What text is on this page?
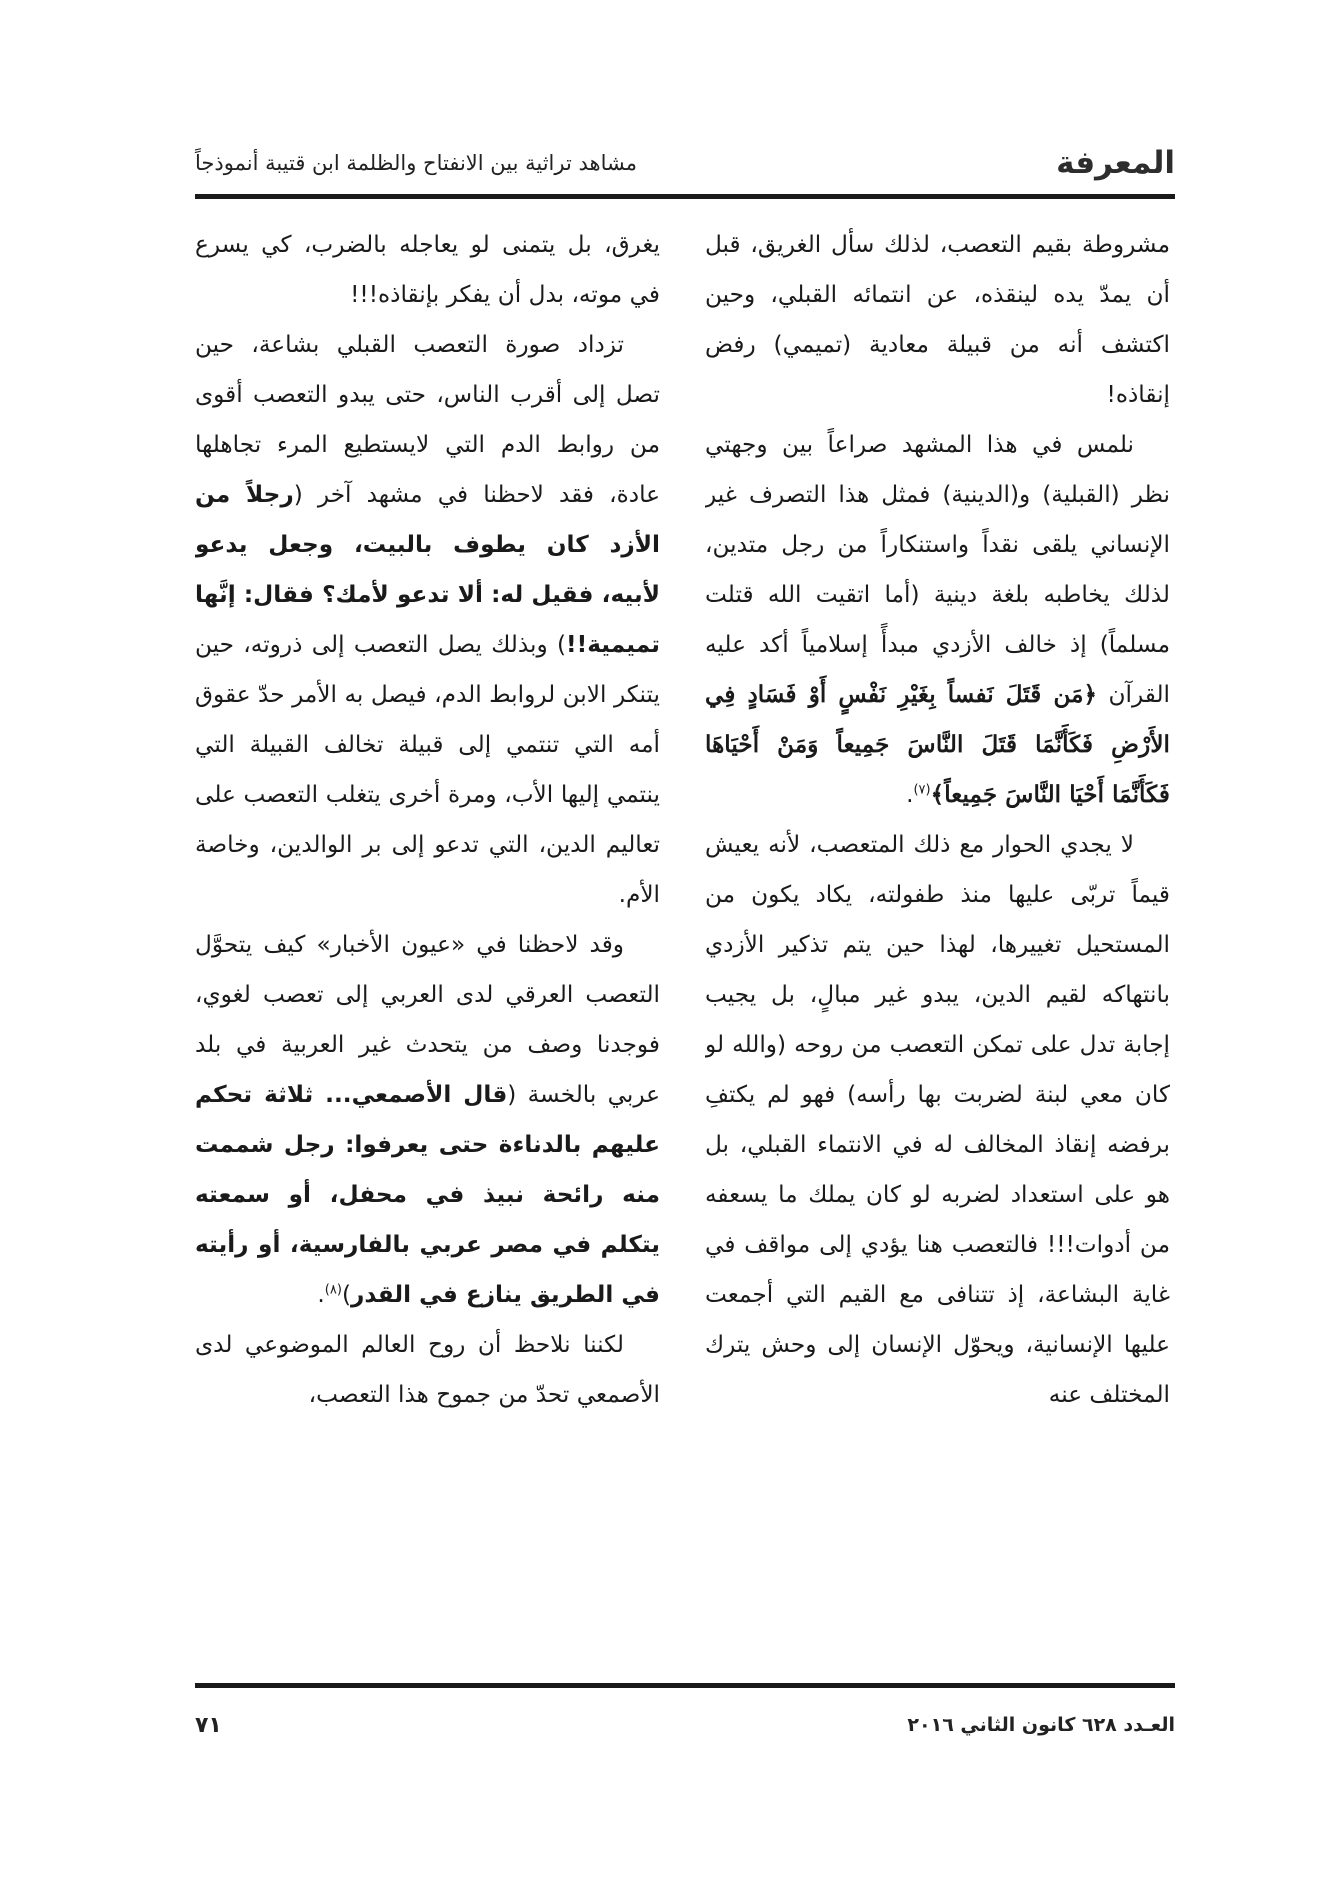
المعرفة
مشاهد تراثية بين الانفتاح والظلمة ابن قتيبة أنموذجاً

مشروطة بقيم التعصب، لذلك سأل الغريق، قبل أن يمدّ يده لينقذه، عن انتمائه القبلي، وحين اكتشف أنه من قبيلة معادية (تميمي) رفض إنقاذه!

نلمس في هذا المشهد صراعاً بين وجهتي نظر (القبلية) و(الدينية) فمثل هذا التصرف غير الإنساني يلقى نقداً واستنكاراً من رجل متدين، لذلك يخاطبه بلغة دينية (أما اتقيت الله قتلت مسلماً) إذ خالف الأزدي مبدأً إسلامياً أكد عليه القرآن ﴿مَن قَتَلَ نَفساً بِغَيْرِ نَفْسٍ أَوْ فَسَادٍ فِي الأَرْضِ فَكَأَنَّمَا قَتَلَ النَّاسَ جَمِيعاً وَمَنْ أَحْيَاهَا فَكَأَنَّمَا أَحْيَا النَّاسَ جَمِيعاً﴾$^{(٧)}$.

لا يجدي الحوار مع ذلك المتعصب، لأنه يعيش قيماً تربّى عليها منذ طفولته، يكاد يكون من المستحيل تغييرها، لهذا حين يتم تذكير الأزدي بانتهاكه لقيم الدين، يبدو غير مبالٍ، بل يجيب إجابة تدل على تمكن التعصب من روحه (والله لو كان معي لبنة لضربت بها رأسه) فهو لم يكتفِ برفضه إنقاذ المخالف له في الانتماء القبلي، بل هو على استعداد لضربه لو كان يملك ما يسعفه من أدوات!!! فالتعصب هنا يؤدي إلى مواقف في غاية البشاعة، إذ تتنافى مع القيم التي أجمعت عليها الإنسانية، ويحوّل الإنسان إلى وحش يترك المختلف عنه

يغرق، بل يتمنى لو يعاجله بالضرب، كي يسرع في موته، بدل أن يفكر بإنقاذه!!!

تزداد صورة التعصب القبلي بشاعة، حين تصل إلى أقرب الناس، حتى يبدو التعصب أقوى من روابط الدم التي لايستطيع المرء تجاهلها عادة، فقد لاحظنا في مشهد آخر (رجلاً من الأزد كان يطوف بالبيت، وجعل يدعو لأبيه، فقيل له: ألا تدعو لأمك؟ فقال: إنَّها تميمية!!) وبذلك يصل التعصب إلى ذروته، حين يتنكر الابن لروابط الدم، فيصل به الأمر حدّ عقوق أمه التي تنتمي إلى قبيلة تخالف القبيلة التي ينتمي إليها الأب، ومرة أخرى يتغلب التعصب على تعاليم الدين، التي تدعو إلى بر الوالدين، وخاصة الأم.

وقد لاحظنا في «عيون الأخبار» كيف يتحوَّل التعصب العرقي لدى العربي إلى تعصب لغوي، فوجدنا وصف من يتحدث غير العربية في بلد عربي بالخسة (قال الأصمعي... ثلاثة تحكم عليهم بالدناءة حتى يعرفوا: رجل شممت منه رائحة نبيذ في محفل، أو سمعته يتكلم في مصر عربي بالفارسية، أو رأيته في الطريق ينازع في القدر)$^{(٨)}$.

لكننا نلاحظ أن روح العالم الموضوعي لدى الأصمعي تحدّ من جموح هذا التعصب،

العـدد ٦٢٨ كانون الثاني ٢٠١٦
٧١
